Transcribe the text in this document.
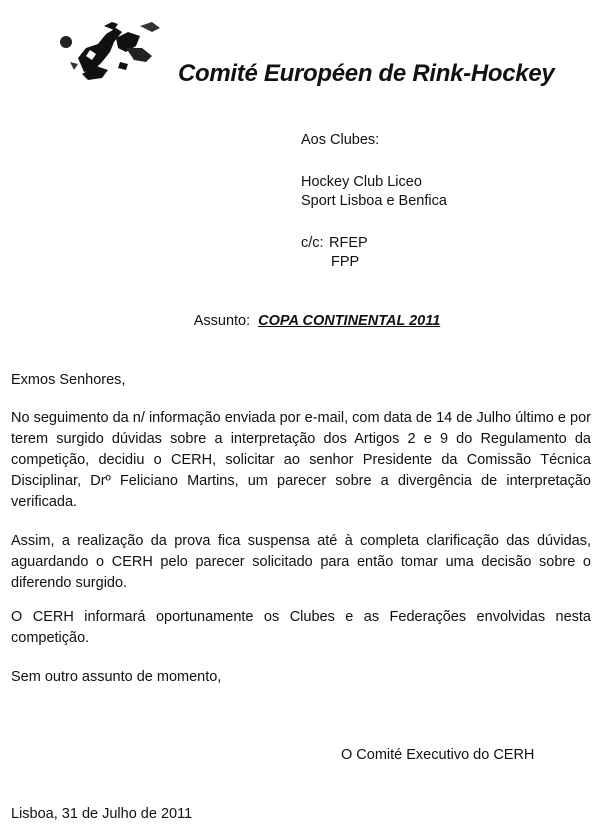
Comité Européen de Rink-Hockey
Aos Clubes:
Hockey Club Liceo
Sport Lisboa e Benfica
c/c: RFEP
FPP
Assunto: COPA CONTINENTAL 2011
Exmos Senhores,
No seguimento da n/ informação enviada por e-mail, com data de 14 de Julho último e por terem surgido dúvidas sobre a interpretação dos Artigos 2 e 9 do Regulamento da competição, decidiu o CERH, solicitar ao senhor Presidente da Comissão Técnica Disciplinar, Drº Feliciano Martins, um parecer sobre a divergência de interpretação verificada.
Assim, a realização da prova fica suspensa até à completa clarificação das dúvidas, aguardando o CERH pelo parecer solicitado para então tomar uma decisão sobre o diferendo surgido.
O CERH informará oportunamente os Clubes e as Federações envolvidas nesta competição.
Sem outro assunto de momento,
O Comité Executivo do CERH
Lisboa, 31 de Julho de 2011
